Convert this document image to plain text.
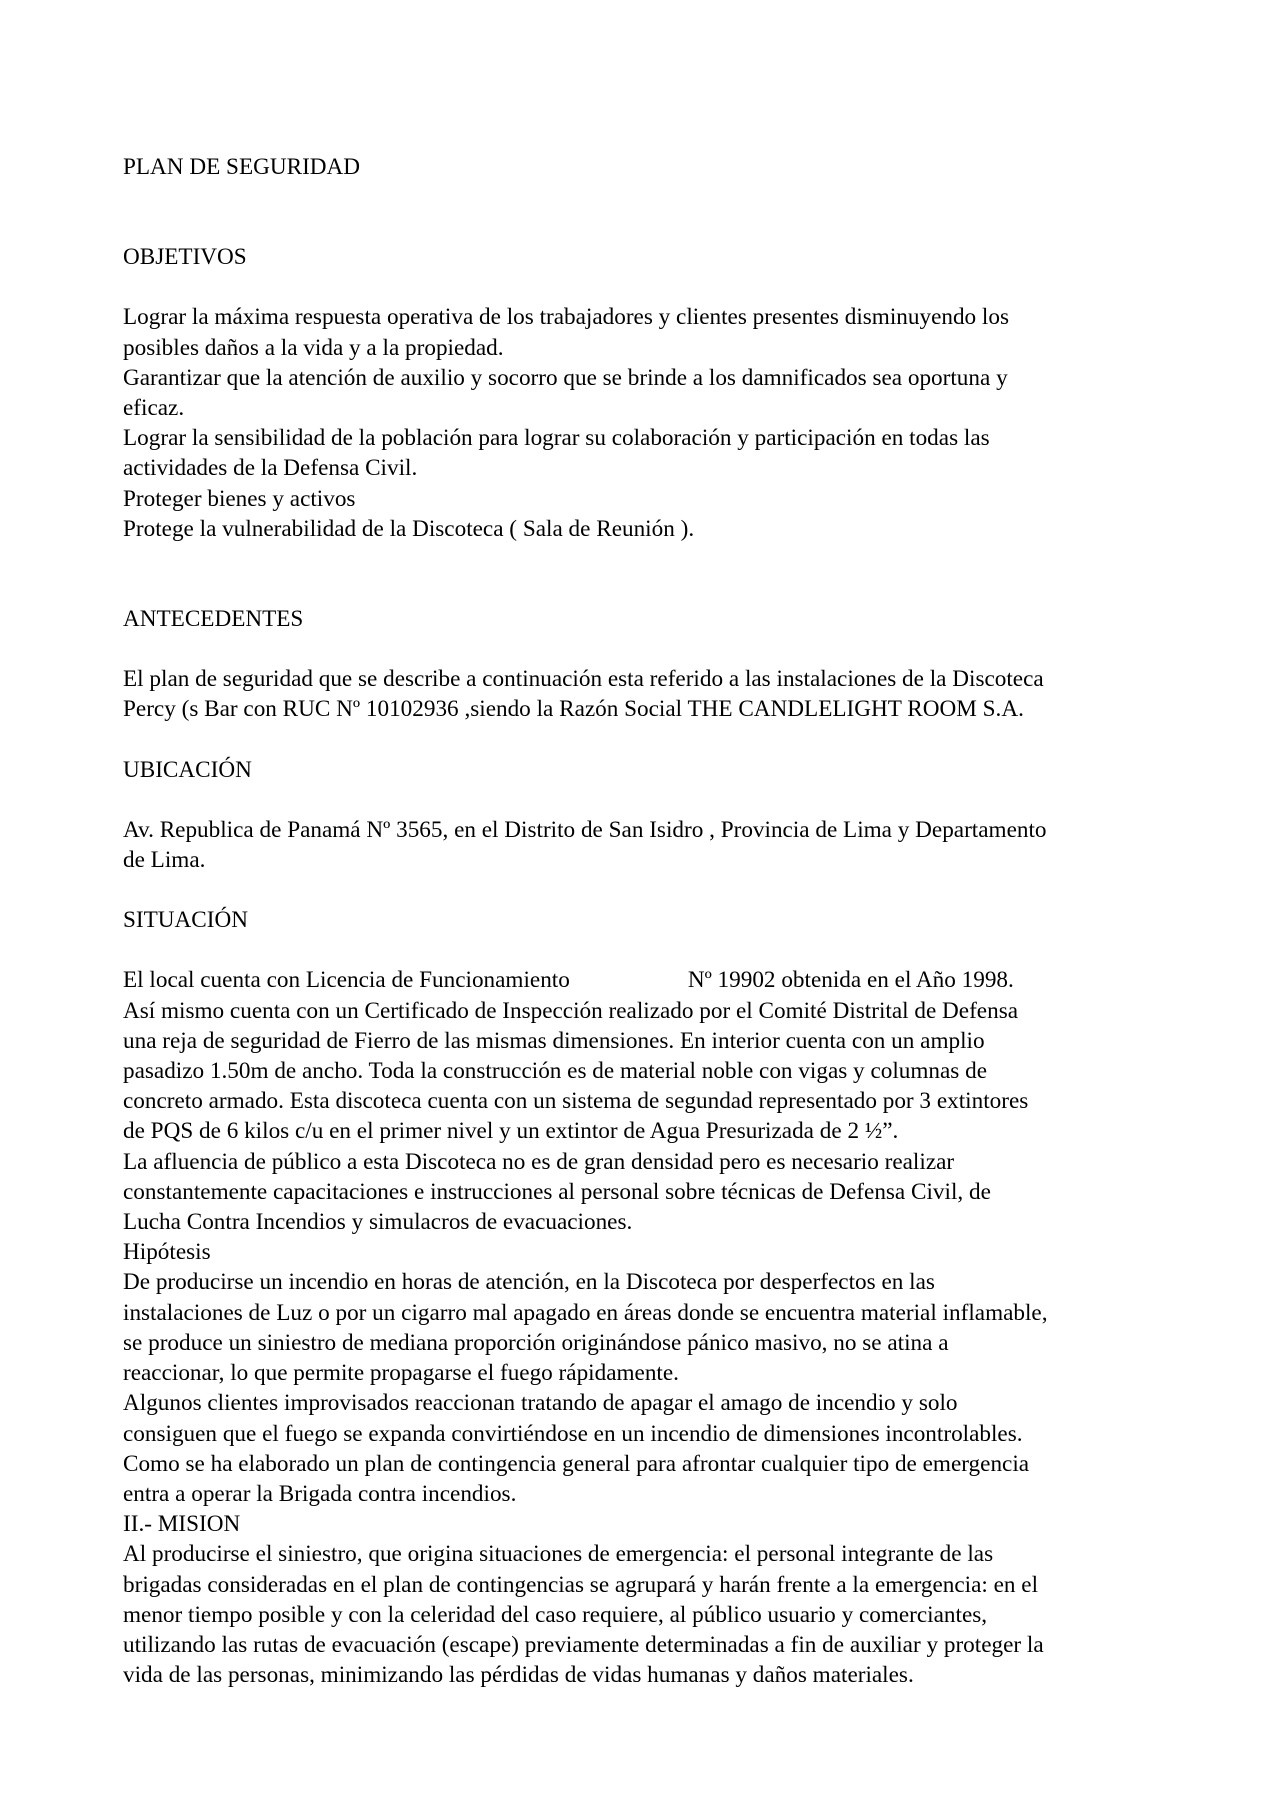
PLAN DE SEGURIDAD

OBJETIVOS

Lograr la máxima respuesta operativa de los trabajadores y clientes presentes disminuyendo los
posibles daños a la vida y a la propiedad.
Garantizar que la atención de auxilio y socorro que se brinde a los damnificados sea oportuna y
eficaz.
Lograr la sensibilidad de la población para lograr su colaboración y participación en todas las
actividades de la Defensa Civil.
Proteger bienes y activos
Protege la vulnerabilidad de la Discoteca ( Sala de Reunión ).

ANTECEDENTES

El plan de seguridad que se describe a continuación esta referido a las instalaciones de la Discoteca
Percy (s Bar con RUC Nº 10102936 ,siendo la Razón Social THE CANDLELIGHT ROOM S.A.

UBICACIÓN

Av. Republica de Panamá Nº 3565, en el Distrito de San Isidro , Provincia de Lima y Departamento
de Lima.

SITUACIÓN

El local cuenta con Licencia de Funcionamiento	Nº 19902 obtenida en el Año 1998.
Así mismo cuenta con un Certificado de Inspección realizado por el Comité Distrital de Defensa
una reja de seguridad de Fierro de las mismas dimensiones. En interior cuenta con un amplio
pasadizo 1.50m de ancho. Toda la construcción es de material noble con vigas y columnas de
concreto armado. Esta discoteca cuenta con un sistema de segundad representado por 3 extintores
de PQS de 6 kilos c/u en el primer nivel y un extintor de Agua Presurizada de 2 ½”.
La afluencia de público a esta Discoteca no es de gran densidad pero es necesario realizar
constantemente capacitaciones e instrucciones al personal sobre técnicas de Defensa Civil, de
Lucha Contra Incendios y simulacros de evacuaciones.

Hipótesis

De producirse un incendio en horas de atención, en la Discoteca por desperfectos en las
instalaciones de Luz o por un cigarro mal apagado en áreas donde se encuentra material inflamable,
se produce un siniestro de mediana proporción originándose pánico masivo, no se atina a
reaccionar, lo que permite propagarse el fuego rápidamente.
Algunos clientes improvisados reaccionan tratando de apagar el amago de incendio y solo
consiguen que el fuego se expanda convirtiéndose en un incendio de dimensiones incontrolables.
Como se ha elaborado un plan de contingencia general para afrontar cualquier tipo de emergencia
entra a operar la Brigada contra incendios.

II.- MISION

Al producirse el siniestro, que origina situaciones de emergencia: el personal integrante de las
brigadas consideradas en el plan de contingencias se agrupará y harán frente a la emergencia: en el
menor tiempo posible y con la celeridad del caso requiere, al público usuario y comerciantes,
utilizando las rutas de evacuación (escape) previamente determinadas a fin de auxiliar y proteger la
vida de las personas, minimizando las pérdidas de vidas humanas y daños materiales.
